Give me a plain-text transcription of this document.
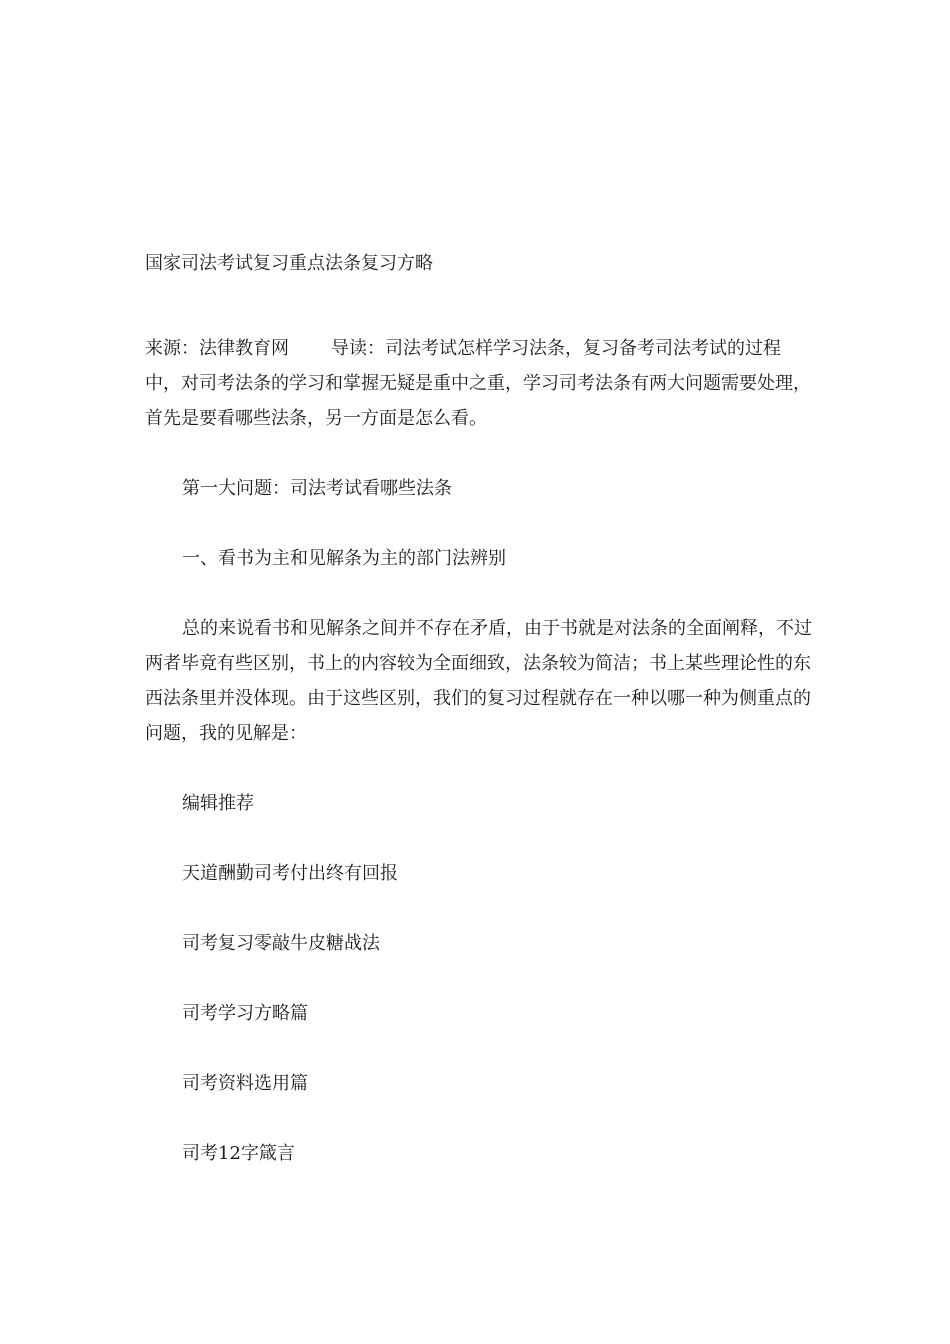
国家司法考试复习重点法条复习方略

来源：法律教育网 导读：司法考试怎样学习法条，复习备考司法考试的过程中，对司考法条的学习和掌握无疑是重中之重，学习司考法条有两大问题需要处理，首先是要看哪些法条，另一方面是怎么看。

第一大问题：司法考试看哪些法条

一、看书为主和见解条为主的部门法辨别

总的来说看书和见解条之间并不存在矛盾，由于书就是对法条的全面阐释，不过两者毕竟有些区别，书上的内容较为全面细致，法条较为简洁；书上某些理论性的东西法条里并没体现。由于这些区别，我们的复习过程就存在一种以哪一种为侧重点的问题，我的见解是：

编辑推荐

天道酬勤司考付出终有回报

司考复习零敲牛皮糖战法

司考学习方略篇

司考资料选用篇

司考12字箴言
